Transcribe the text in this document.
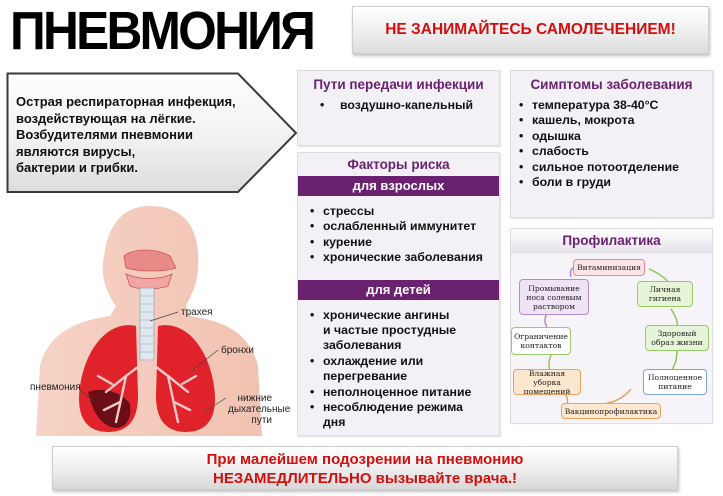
ПНЕВМОНИЯ	НЕ ЗАНИМАЙТЕСЬ САМОЛЕЧЕНИЕМ!
Острая респираторная инфекция,
воздействующая на лёгкие.
Возбудителями пневмонии
являются вирусы,
бактерии и грибки.
Пути передачи инфекции
• воздушно-капельный
Симптомы заболевания
• температура 38-40°С
• кашель, мокрота
• одышка
• слабость
• сильное потоотделение
• боли в груди
Факторы риска
для взрослых
• стрессы
• ослабленный иммунитет
• курение
• хронические заболевания
для детей
• хронические ангины
и частые простудные
заболевания
• охлаждение или
перегревание
• неполноценное питание
• несоблюдение режима
дня
Профилактика
Витаминизация
Личная
гигиена
Здоровый
образ жизни
Полноценное
питание
Вакцинопрофилактика
Влажная уборка
помещений
Ограничение
контактов
Промывание
носа солевым
раствором
трахея
бронхи
пневмония
нижние
дыхательные
пути
При малейшем подозрении на пневмонию
НЕЗАМЕДЛИТЕЛЬНО вызывайте врача.!
